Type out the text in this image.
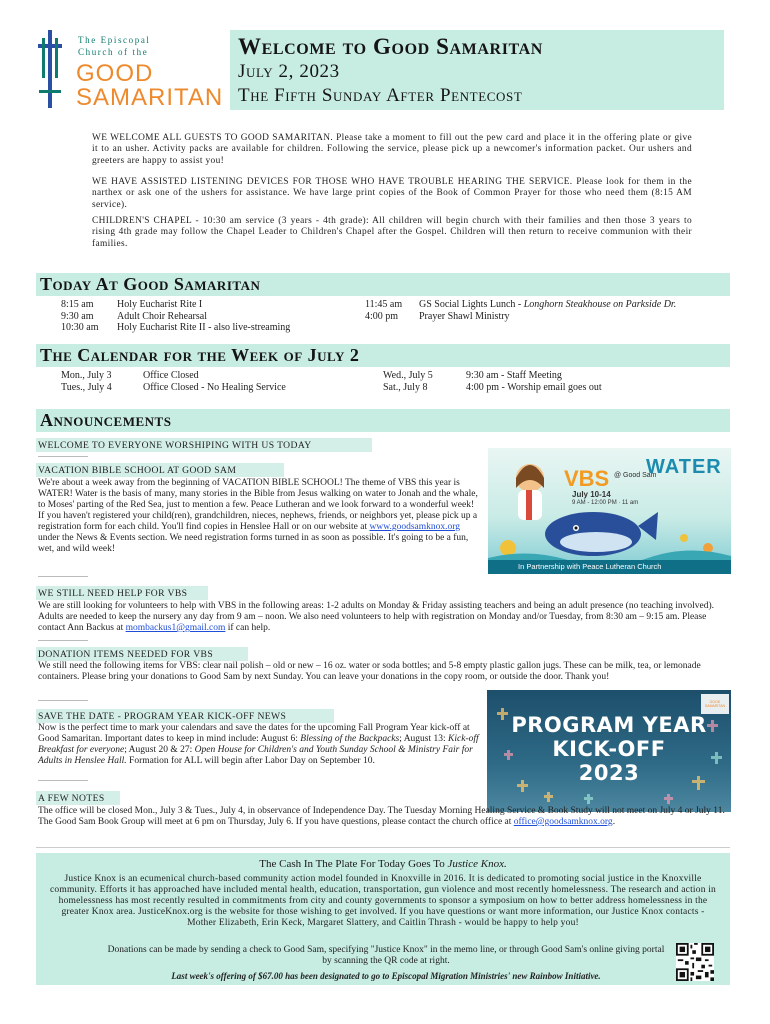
The Episcopal
Church of the
GOOD
SAMARITAN
Welcome to Good Samaritan
July 2, 2023
The Fifth Sunday After Pentecost
WE WELCOME ALL GUESTS TO GOOD SAMARITAN. Please take a moment to fill out the pew card and place it in the offering plate or give it to an usher. Activity packs are available for children. Following the service, please pick up a newcomer's information packet. Our ushers and greeters are happy to assist you!
WE HAVE ASSISTED LISTENING DEVICES FOR THOSE WHO HAVE TROUBLE HEARING THE SERVICE. Please look for them in the narthex or ask one of the ushers for assistance. We have large print copies of the Book of Common Prayer for those who need them (8:15 AM service).
CHILDREN'S CHAPEL - 10:30 am service (3 years - 4th grade): All children will begin church with their families and then those 3 years to rising 4th grade may follow the Chapel Leader to Children's Chapel after the Gospel. Children will then return to receive communion with their families.
Today At Good Samaritan
8:15 am Holy Eucharist Rite I
9:30 am Adult Choir Rehearsal
10:30 am Holy Eucharist Rite II - also live-streaming
11:45 am GS Social Lights Lunch - Longhorn Steakhouse on Parkside Dr.
4:00 pm Prayer Shawl Ministry
The Calendar for the Week of July 2
Mon., July 3	Office Closed
Tues., July 4	Office Closed - No Healing Service
Wed., July 5	9:30 am - Staff Meeting
Sat., July 8	4:00 pm - Worship email goes out
Announcements
WELCOME TO EVERYONE WORSHIPING WITH US TODAY
VACATION BIBLE SCHOOL AT GOOD SAM
We're about a week away from the beginning of VACATION BIBLE SCHOOL! The theme of VBS this year is WATER! Water is the basis of many, many stories in the Bible from Jesus walking on water to Jonah and the whale, to Moses' parting of the Red Sea, just to mention a few. Peace Lutheran and we look forward to a wonderful week! If you haven't registered your child(ren), grandchildren, nieces, nephews, friends, or neighbors yet, please pick up a registration form for each child. You'll find copies in Henslee Hall or on our website at www.goodsamknox.org under the News & Events section. We need registration forms turned in as soon as possible. It's going to be a fun, wet, and wild week!
VBS @ Good Sam
WATER
July 10-14
9 AM - 12:00 PM · 11 am
In Partnership with Peace Lutheran Church
WE STILL NEED HELP FOR VBS
We are still looking for volunteers to help with VBS in the following areas: 1-2 adults on Monday & Friday assisting teachers and being an adult presence (no teaching involved). Adults are needed to keep the nursery any day from 9 am – noon. We also need volunteers to help with registration on Monday and/or Tuesday, from 8:30 am – 9:15 am. Please contact Ann Backus at mombackus1@gmail.com if can help.
DONATION ITEMS NEEDED FOR VBS
We still need the following items for VBS: clear nail polish – old or new – 16 oz. water or soda bottles; and 5-8 empty plastic gallon jugs. These can be milk, tea, or lemonade containers. Please bring your donations to Good Sam by next Sunday. You can leave your donations in the copy room, or outside the door. Thank you!
SAVE THE DATE - PROGRAM YEAR KICK-OFF NEWS
Now is the perfect time to mark your calendars and save the dates for the upcoming Fall Program Year kick-off at Good Samaritan. Important dates to keep in mind include: August 6: Blessing of the Backpacks; August 13: Kick-off Breakfast for everyone; August 20 & 27: Open House for Children's and Youth Sunday School & Ministry Fair for Adults in Henslee Hall. Formation for ALL will begin after Labor Day on September 10.
PROGRAM YEAR
KICK-OFF
2023
GOOD SAMARITAN
A FEW NOTES
The office will be closed Mon., July 3 & Tues., July 4, in observance of Independence Day. The Tuesday Morning Healing Service & Book Study will not meet on July 4 or July 11. The Good Sam Book Group will meet at 6 pm on Thursday, July 6. If you have questions, please contact the church office at office@goodsamknox.org.
The Cash In The Plate For Today Goes To Justice Knox.
Justice Knox is an ecumenical church-based community action model founded in Knoxville in 2016. It is dedicated to promoting social justice in the Knoxville community. Efforts it has approached have included mental health, education, transportation, gun violence and most recently homelessness. The research and action in homelessness has most recently resulted in commitments from city and county governments to sponsor a symposium on how to better address homelessness in the greater Knox area. JusticeKnox.org is the website for those wishing to get involved. If you have questions or want more information, our Justice Knox contacts - Mother Elizabeth, Erin Keck, Margaret Slattery, and Caitlin Thrash - would be happy to help you!
Donations can be made by sending a check to Good Sam, specifying "Justice Knox" in the memo line, or through Good Sam's online giving portal by scanning the QR code at right.
Last week's offering of $67.00 has been designated to go to Episcopal Migration Ministries' new Rainbow Initiative.
